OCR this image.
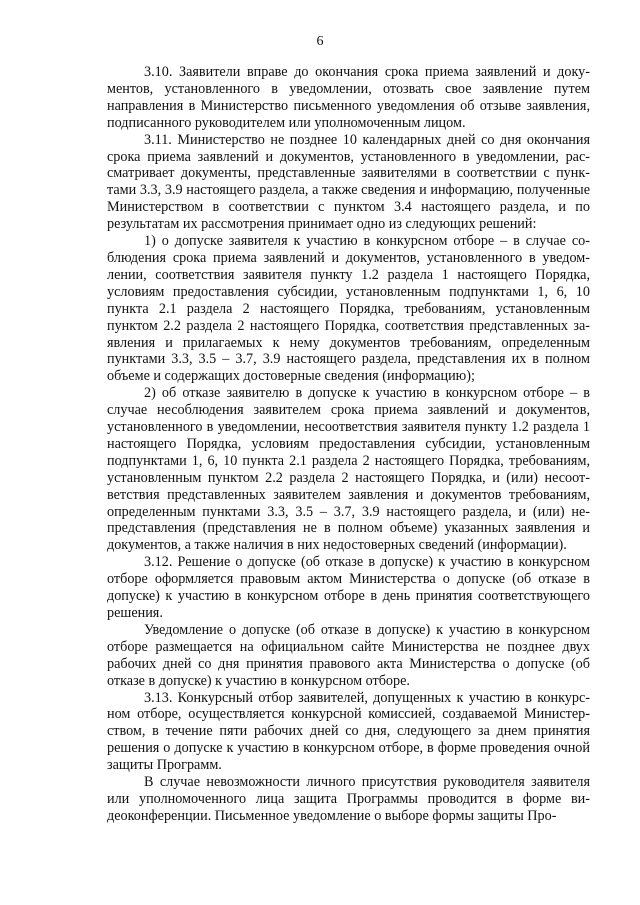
6

3.10. Заявители вправе до окончания срока приема заявлений и документов, установленного в уведомлении, отозвать свое заявление путем направления в Министерство письменного уведомления об отзыве заявления, подписанного руководителем или уполномоченным лицом.

3.11. Министерство не позднее 10 календарных дней со дня окончания срока приема заявлений и документов, установленного в уведомлении, рассматривает документы, представленные заявителями в соответствии с пунктами 3.3, 3.9 настоящего раздела, а также сведения и информацию, полученные Министерством в соответствии с пунктом 3.4 настоящего раздела, и по результатам их рассмотрения принимает одно из следующих решений:

1) о допуске заявителя к участию в конкурсном отборе – в случае соблюдения срока приема заявлений и документов, установленного в уведомлении, соответствия заявителя пункту 1.2 раздела 1 настоящего Порядка, условиям предоставления субсидии, установленным подпунктами 1, 6, 10 пункта 2.1 раздела 2 настоящего Порядка, требованиям, установленным пунктом 2.2 раздела 2 настоящего Порядка, соответствия представленных заявления и прилагаемых к нему документов требованиям, определенным пунктами 3.3, 3.5 – 3.7, 3.9 настоящего раздела, представления их в полном объеме и содержащих достоверные сведения (информацию);

2) об отказе заявителю в допуске к участию в конкурсном отборе – в случае несоблюдения заявителем срока приема заявлений и документов, установленного в уведомлении, несоответствия заявителя пункту 1.2 раздела 1 настоящего Порядка, условиям предоставления субсидии, установленным подпунктами 1, 6, 10 пункта 2.1 раздела 2 настоящего Порядка, требованиям, установленным пунктом 2.2 раздела 2 настоящего Порядка, и (или) несоответствия представленных заявителем заявления и документов требованиям, определенным пунктами 3.3, 3.5 – 3.7, 3.9 настоящего раздела, и (или) непредставления (представления не в полном объеме) указанных заявления и документов, а также наличия в них недостоверных сведений (информации).

3.12. Решение о допуске (об отказе в допуске) к участию в конкурсном отборе оформляется правовым актом Министерства о допуске (об отказе в допуске) к участию в конкурсном отборе в день принятия соответствующего решения.

Уведомление о допуске (об отказе в допуске) к участию в конкурсном отборе размещается на официальном сайте Министерства не позднее двух рабочих дней со дня принятия правового акта Министерства о допуске (об отказе в допуске) к участию в конкурсном отборе.

3.13. Конкурсный отбор заявителей, допущенных к участию в конкурсном отборе, осуществляется конкурсной комиссией, создаваемой Министерством, в течение пяти рабочих дней со дня, следующего за днем принятия решения о допуске к участию в конкурсном отборе, в форме проведения очной защиты Программ.

В случае невозможности личного присутствия руководителя заявителя или уполномоченного лица защита Программы проводится в форме видеоконференции. Письменное уведомление о выборе формы защиты Про-
